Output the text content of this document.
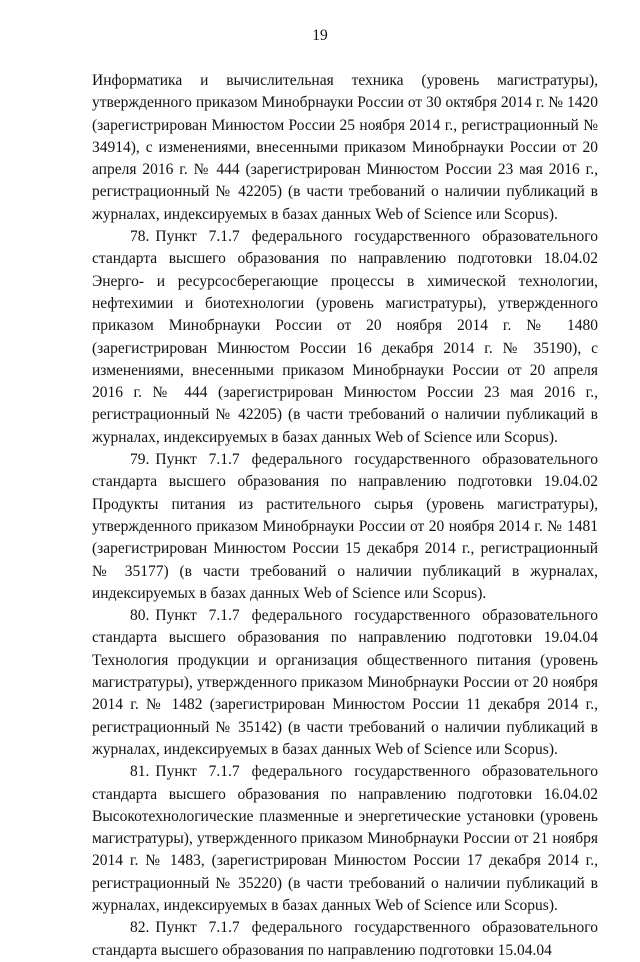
19

Информатика и вычислительная техника (уровень магистратуры), утвержденного приказом Минобрнауки России от 30 октября 2014 г. № 1420 (зарегистрирован Минюстом России 25 ноября 2014 г., регистрационный № 34914), с изменениями, внесенными приказом Минобрнауки России от 20 апреля 2016 г. № 444 (зарегистрирован Минюстом России 23 мая 2016 г., регистрационный № 42205) (в части требований о наличии публикаций в журналах, индексируемых в базах данных Web of Science или Scopus).

78. Пункт 7.1.7 федерального государственного образовательного стандарта высшего образования по направлению подготовки 18.04.02 Энерго- и ресурсосберегающие процессы в химической технологии, нефтехимии и биотехнологии (уровень магистратуры), утвержденного приказом Минобрнауки России от 20 ноября 2014 г. № 1480 (зарегистрирован Минюстом России 16 декабря 2014 г. № 35190), с изменениями, внесенными приказом Минобрнауки России от 20 апреля 2016 г. № 444 (зарегистрирован Минюстом России 23 мая 2016 г., регистрационный № 42205) (в части требований о наличии публикаций в журналах, индексируемых в базах данных Web of Science или Scopus).

79. Пункт 7.1.7 федерального государственного образовательного стандарта высшего образования по направлению подготовки 19.04.02 Продукты питания из растительного сырья (уровень магистратуры), утвержденного приказом Минобрнауки России от 20 ноября 2014 г. № 1481 (зарегистрирован Минюстом России 15 декабря 2014 г., регистрационный № 35177) (в части требований о наличии публикаций в журналах, индексируемых в базах данных Web of Science или Scopus).

80. Пункт 7.1.7 федерального государственного образовательного стандарта высшего образования по направлению подготовки 19.04.04 Технология продукции и организация общественного питания (уровень магистратуры), утвержденного приказом Минобрнауки России от 20 ноября 2014 г. № 1482 (зарегистрирован Минюстом России 11 декабря 2014 г., регистрационный № 35142) (в части требований о наличии публикаций в журналах, индексируемых в базах данных Web of Science или Scopus).

81. Пункт 7.1.7 федерального государственного образовательного стандарта высшего образования по направлению подготовки 16.04.02 Высокотехнологические плазменные и энергетические установки (уровень магистратуры), утвержденного приказом Минобрнауки России от 21 ноября 2014 г. № 1483, (зарегистрирован Минюстом России 17 декабря 2014 г., регистрационный № 35220) (в части требований о наличии публикаций в журналах, индексируемых в базах данных Web of Science или Scopus).

82. Пункт 7.1.7 федерального государственного образовательного стандарта высшего образования по направлению подготовки 15.04.04
